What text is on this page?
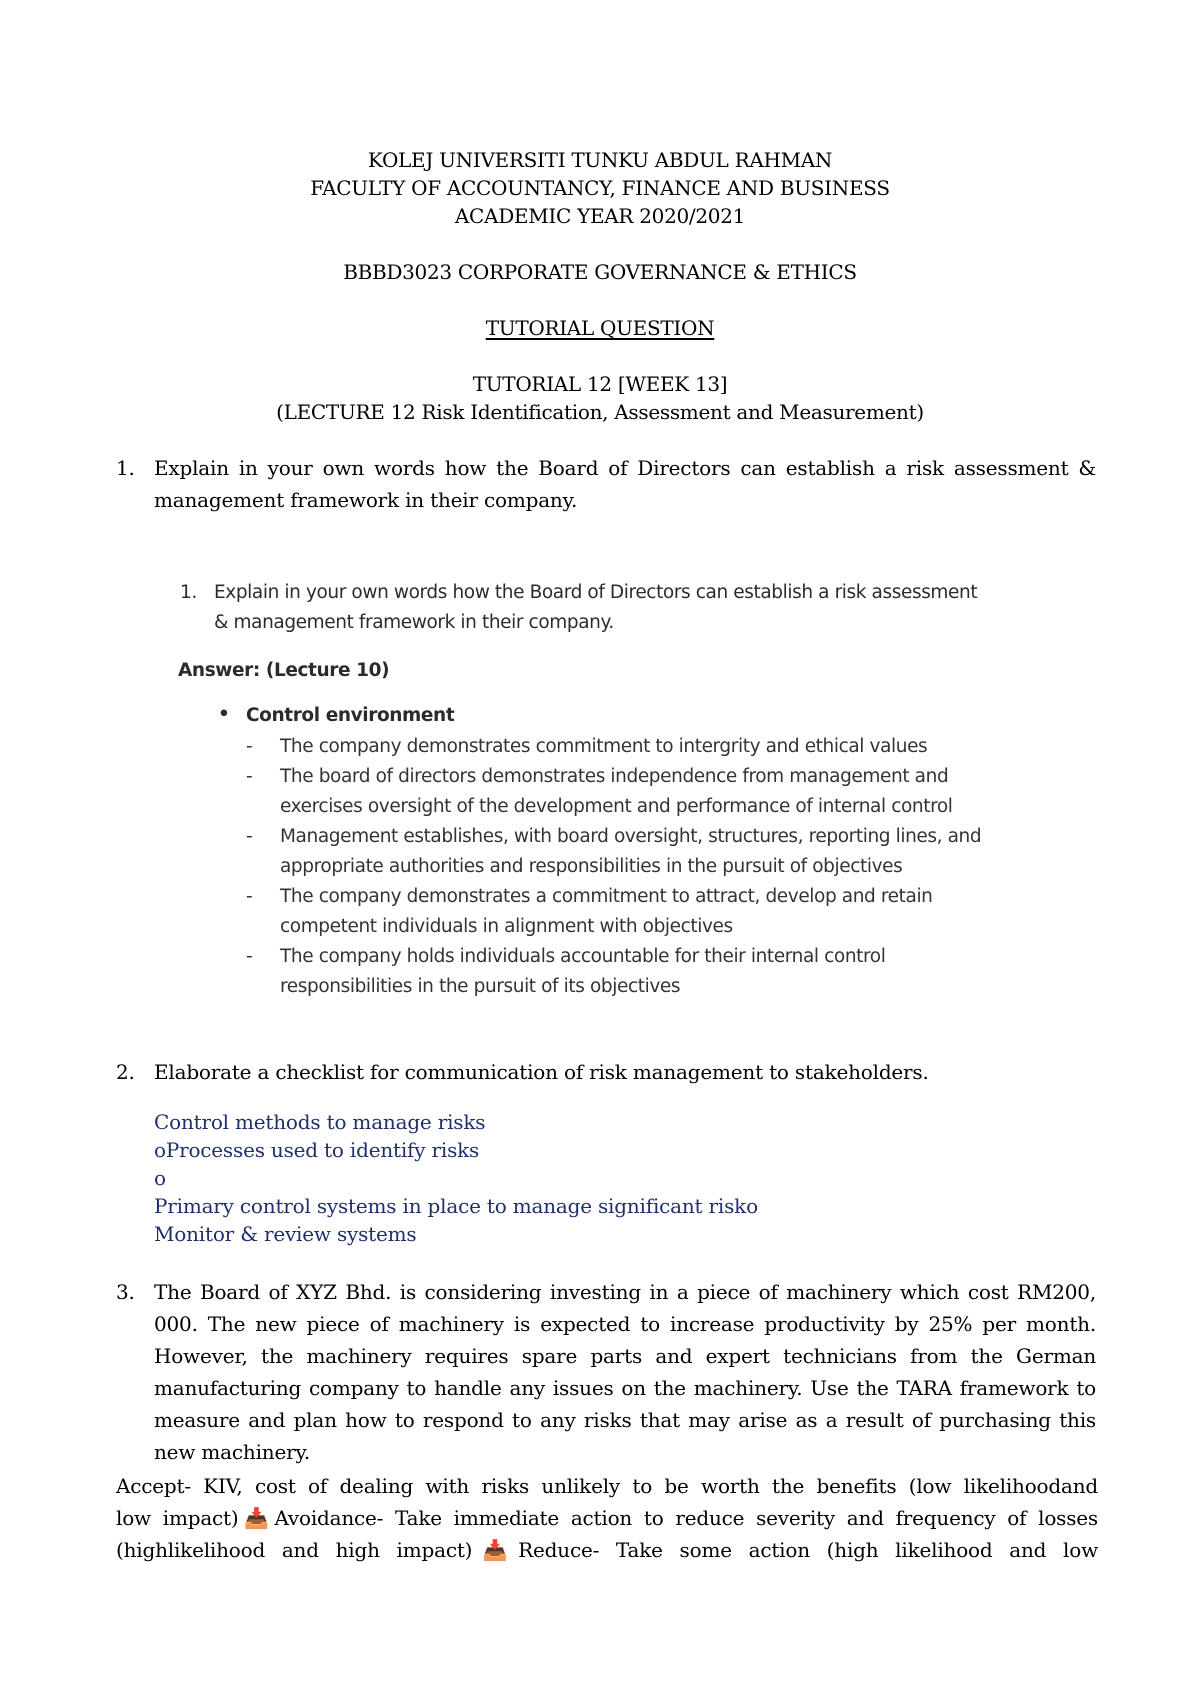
KOLEJ UNIVERSITI TUNKU ABDUL RAHMAN
FACULTY OF ACCOUNTANCY, FINANCE AND BUSINESS
ACADEMIC YEAR 2020/2021
BBBD3023 CORPORATE GOVERNANCE & ETHICS
TUTORIAL QUESTION
TUTORIAL 12 [WEEK 13]
(LECTURE 12 Risk Identification, Assessment and Measurement)
1. Explain in your own words how the Board of Directors can establish a risk assessment & management framework in their company.
1. Explain in your own words how the Board of Directors can establish a risk assessment
& management framework in their company.
Answer: (Lecture 10)
• Control environment
- The company demonstrates commitment to intergrity and ethical values
- The board of directors demonstrates independence from management and exercises oversight of the development and performance of internal control
- Management establishes, with board oversight, structures, reporting lines, and appropriate authorities and responsibilities in the pursuit of objectives
- The company demonstrates a commitment to attract, develop and retain competent individuals in alignment with objectives
- The company holds individuals accountable for their internal control responsibilities in the pursuit of its objectives
2. Elaborate a checklist for communication of risk management to stakeholders.
Control methods to manage risks
oProcesses used to identify risks
o
Primary control systems in place to manage significant risko
Monitor & review systems
3. The Board of XYZ Bhd. is considering investing in a piece of machinery which cost RM200, 000. The new piece of machinery is expected to increase productivity by 25% per month. However, the machinery requires spare parts and expert technicians from the German manufacturing company to handle any issues on the machinery. Use the TARA framework to measure and plan how to respond to any risks that may arise as a result of purchasing this new machinery.
Accept- KIV, cost of dealing with risks unlikely to be worth the benefits (low likelihoodand
low impact)📥Avoidance- Take immediate action to reduce severity and frequency of losses
(highlikelihood and high impact)📥Reduce- Take some action (high likelihood and low
